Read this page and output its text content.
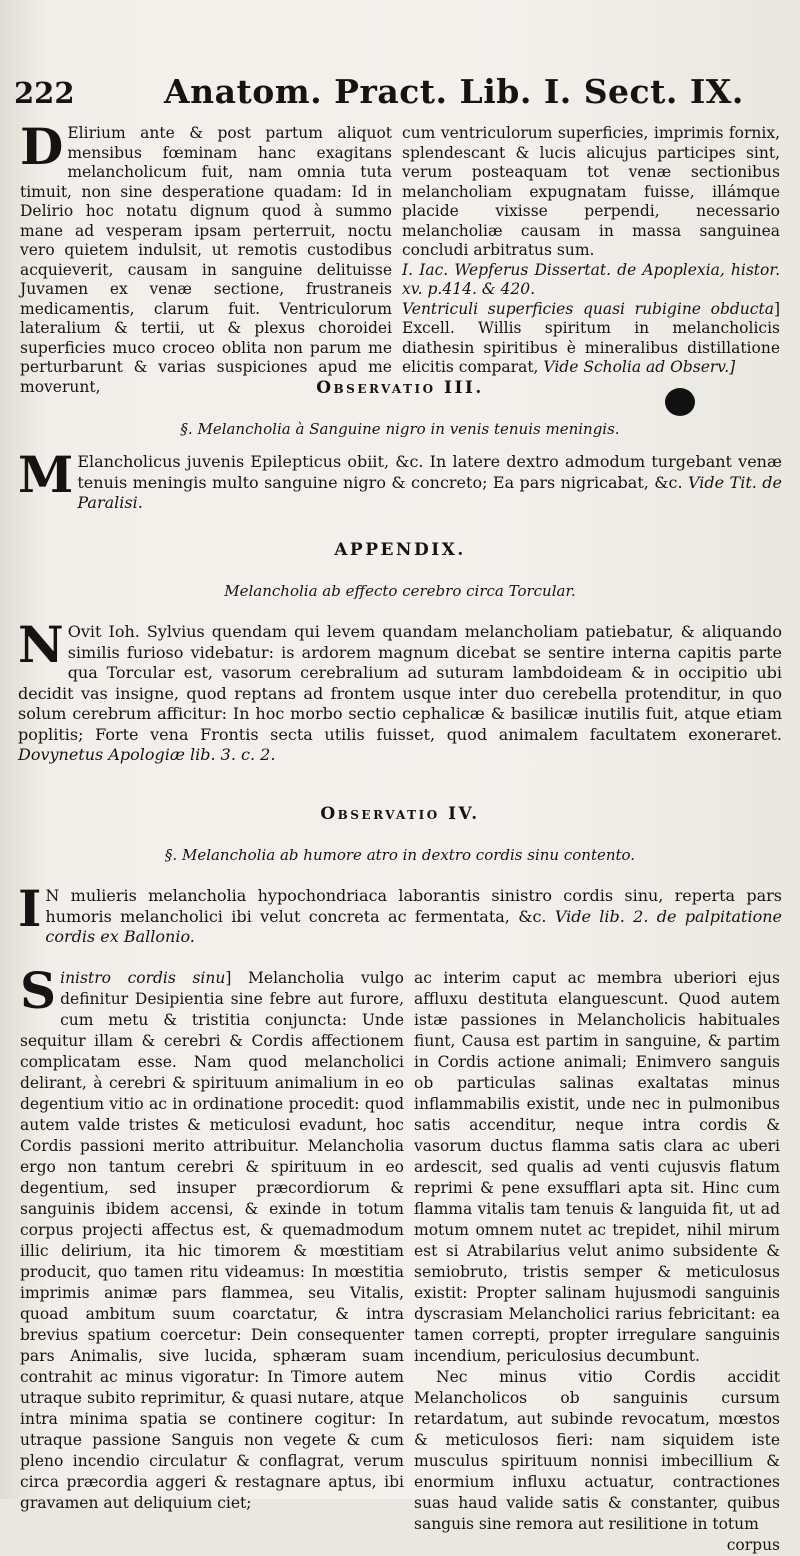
222	Anatom. Pract. Lib. I. Sect. IX.

D Elirium ante & post partum aliquot mensibus fœminam hanc exagitans melancholicum fuit, nam omnia tuta timuit, non sine desperatione quadam: Id in Delirio hoc notatu dignum quod à summo mane ad vesperam ipsam perterruit, noctu vero quietem indulsit, ut remotis custodibus acquieverit, causam in sanguine delituisse Juvamen ex venæ sectione, frustraneis medicamentis, clarum fuit. Ventriculorum lateralium & tertii, ut & plexus choroidei superficies muco croceo oblita non parum me perturbarunt & varias suspiciones apud me moverunt,

cum ventriculorum superficies, imprimis fornix, splendescant & lucis alicujus participes sint, verum posteaquam tot venæ sectionibus melancholiam expugnatam fuisse, illámque placide vixisse perpendi, necessario melancholiæ causam in massa sanguinea concludi arbitratus sum.

I. Iac. Wepferus Dissertat. de Apoplexia, histor. xv. p.414. & 420.

Ventriculi superficies quasi rubigine obducta] Excell. Willis spiritum in melancholicis diathesin spiritibus è mineralibus distillatione elicitis comparat, Vide Scholia ad Observ.]

Observatio III.
§. Melancholia à Sanguine nigro in venis tenuis meningis.

M Elancholicus juvenis Epilepticus obiit, &c. In latere dextro admodum turgebant venæ tenuis meningis multo sanguine nigro & concreto; Ea pars nigricabat, &c. Vide Tit. de Paralisi.

APPENDIX.
Melancholia ab effecto cerebro circa Torcular.

N Ovit Ioh. Sylvius quendam qui levem quandam melancholiam patiebatur, & aliquando similis furioso videbatur: is ardorem magnum dicebat se sentire interna capitis parte qua Torcular est, vasorum cerebralium ad suturam lambdoideam & in occipitio ubi decidit vas insigne, quod reptans ad frontem usque inter duo cerebella protenditur, in quo solum cerebrum afficitur: In hoc morbo sectio cephalicæ & basilicæ inutilis fuit, atque etiam poplitis; Forte vena Frontis secta utilis fuisset, quod animalem facultatem exoneraret. Dovynetus Apologiæ lib. 3. c. 2.

Observatio IV.
§. Melancholia ab humore atro in dextro cordis sinu contento.

I N mulieris melancholia hypochondriaca laborantis sinistro cordis sinu, reperta pars humoris melancholici ibi velut concreta ac fermentata, &c. Vide lib. 2. de palpitatione cordis ex Ballonio.

Sinistro cordis sinu] Melancholia vulgo definitur Desipientia sine febre aut furore, cum metu & tristitia conjuncta: Unde sequitur illam & cerebri & Cordis affectionem complicatam esse. Nam quod melancholici delirant, à cerebri & spirituum animalium in eo degentium vitio ac in ordinatione procedit: quod autem valde tristes & meticulosi evadunt, hoc Cordis passioni merito attribuitur. Melancholia ergo non tantum cerebri & spirituum in eo degentium, sed insuper præcordiorum & sanguinis ibidem accensi, & exinde in totum corpus projecti affectus est, & quemadmodum illic delirium, ita hic timorem & mœstitiam producit, quo tamen ritu videamus: In mœstitia imprimis animæ pars flammea, seu Vitalis, quoad ambitum suum coarctatur, & intra brevius spatium coercetur: Dein consequenter pars Animalis, sive lucida, sphæram suam contrahit ac minus vigoratur: In Timore autem utraque subito reprimitur, & quasi nutare, atque intra minima spatia se continere cogitur: In utraque passione Sanguis non vegete & cum pleno incendio circulatur & conflagrat, verum circa præcordia aggeri & restagnare aptus, ibi gravamen aut deliquium ciet;

ac interim caput ac membra uberiori ejus affluxu destituta elanguescunt. Quod autem istæ passiones in Melancholicis habituales fiunt, Causa est partim in sanguine, & partim in Cordis actione animali; Enimvero sanguis ob particulas salinas exaltatas minus inflammabilis existit, unde nec in pulmonibus satis accenditur, neque intra cordis & vasorum ductus flamma satis clara ac uberi ardescit, sed qualis ad venti cujusvis flatum reprimi & pene exsufflari apta sit. Hinc cum flamma vitalis tam tenuis & languida fit, ut ad motum omnem nutet ac trepidet, nihil mirum est si Atrabilarius velut animo subsidente & semiobruto, tristis semper & meticulosus existit: Propter salinam hujusmodi sanguinis dyscrasiam Melancholici rarius febricitant: ea tamen correpti, propter irregulare sanguinis incendium, periculosius decumbunt.

Nec minus vitio Cordis accidit Melancholicos ob sanguinis cursum retardatum, aut subinde revocatum, mœstos & meticulosos fieri: nam siquidem iste musculus spirituum nonnisi imbecillium & enormium influxu actuatur, contractiones suas haud valide satis & constanter, quibus sanguis sine remora aut resilitione in totum

corpus
